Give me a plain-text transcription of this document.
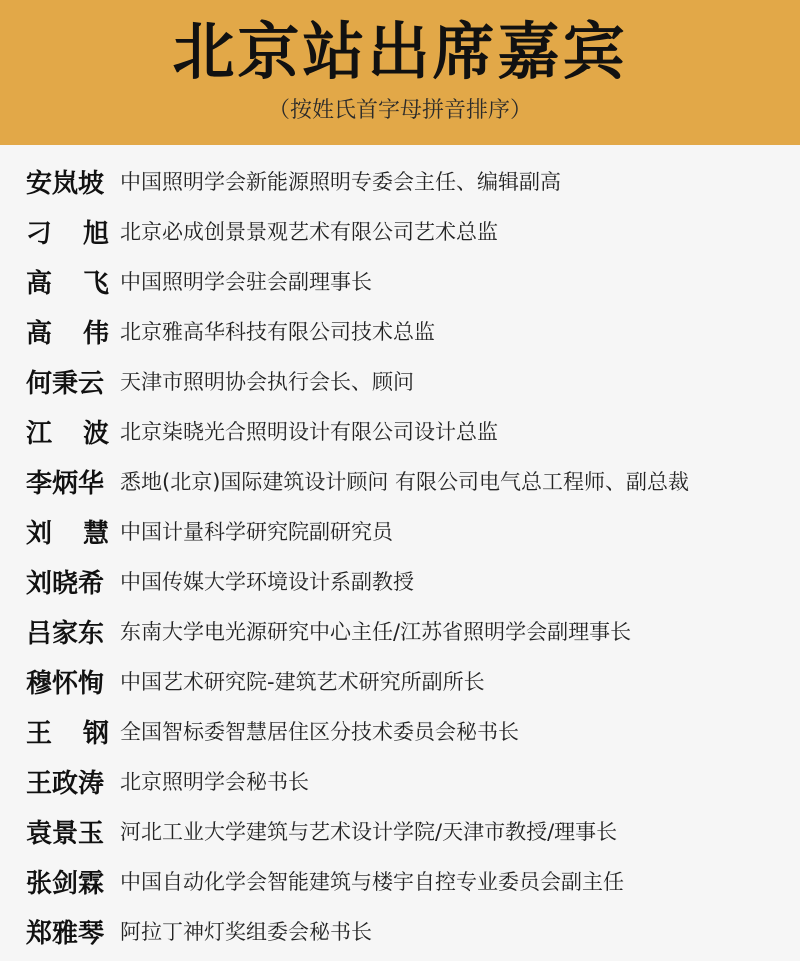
北京站出席嘉宾
（按姓氏首字母拼音排序）
安岚坡 中国照明学会新能源照明专委会主任、编辑副高
刁 旭 北京必成创景景观艺术有限公司艺术总监
高 飞 中国照明学会驻会副理事长
高 伟 北京雅高华科技有限公司技术总监
何秉云 天津市照明协会执行会长、顾问
江 波 北京柒晓光合照明设计有限公司设计总监
李炳华 悉地(北京)国际建筑设计顾问 有限公司电气总工程师、副总裁
刘 慧 中国计量科学研究院副研究员
刘晓希 中国传媒大学环境设计系副教授
吕家东 东南大学电光源研究中心主任/江苏省照明学会副理事长
穆怀恂 中国艺术研究院-建筑艺术研究所副所长
王 钢 全国智标委智慧居住区分技术委员会秘书长
王政涛 北京照明学会秘书长
袁景玉 河北工业大学建筑与艺术设计学院/天津市教授/理事长
张剑霖 中国自动化学会智能建筑与楼宇自控专业委员会副主任
郑雅琴 阿拉丁神灯奖组委会秘书长
